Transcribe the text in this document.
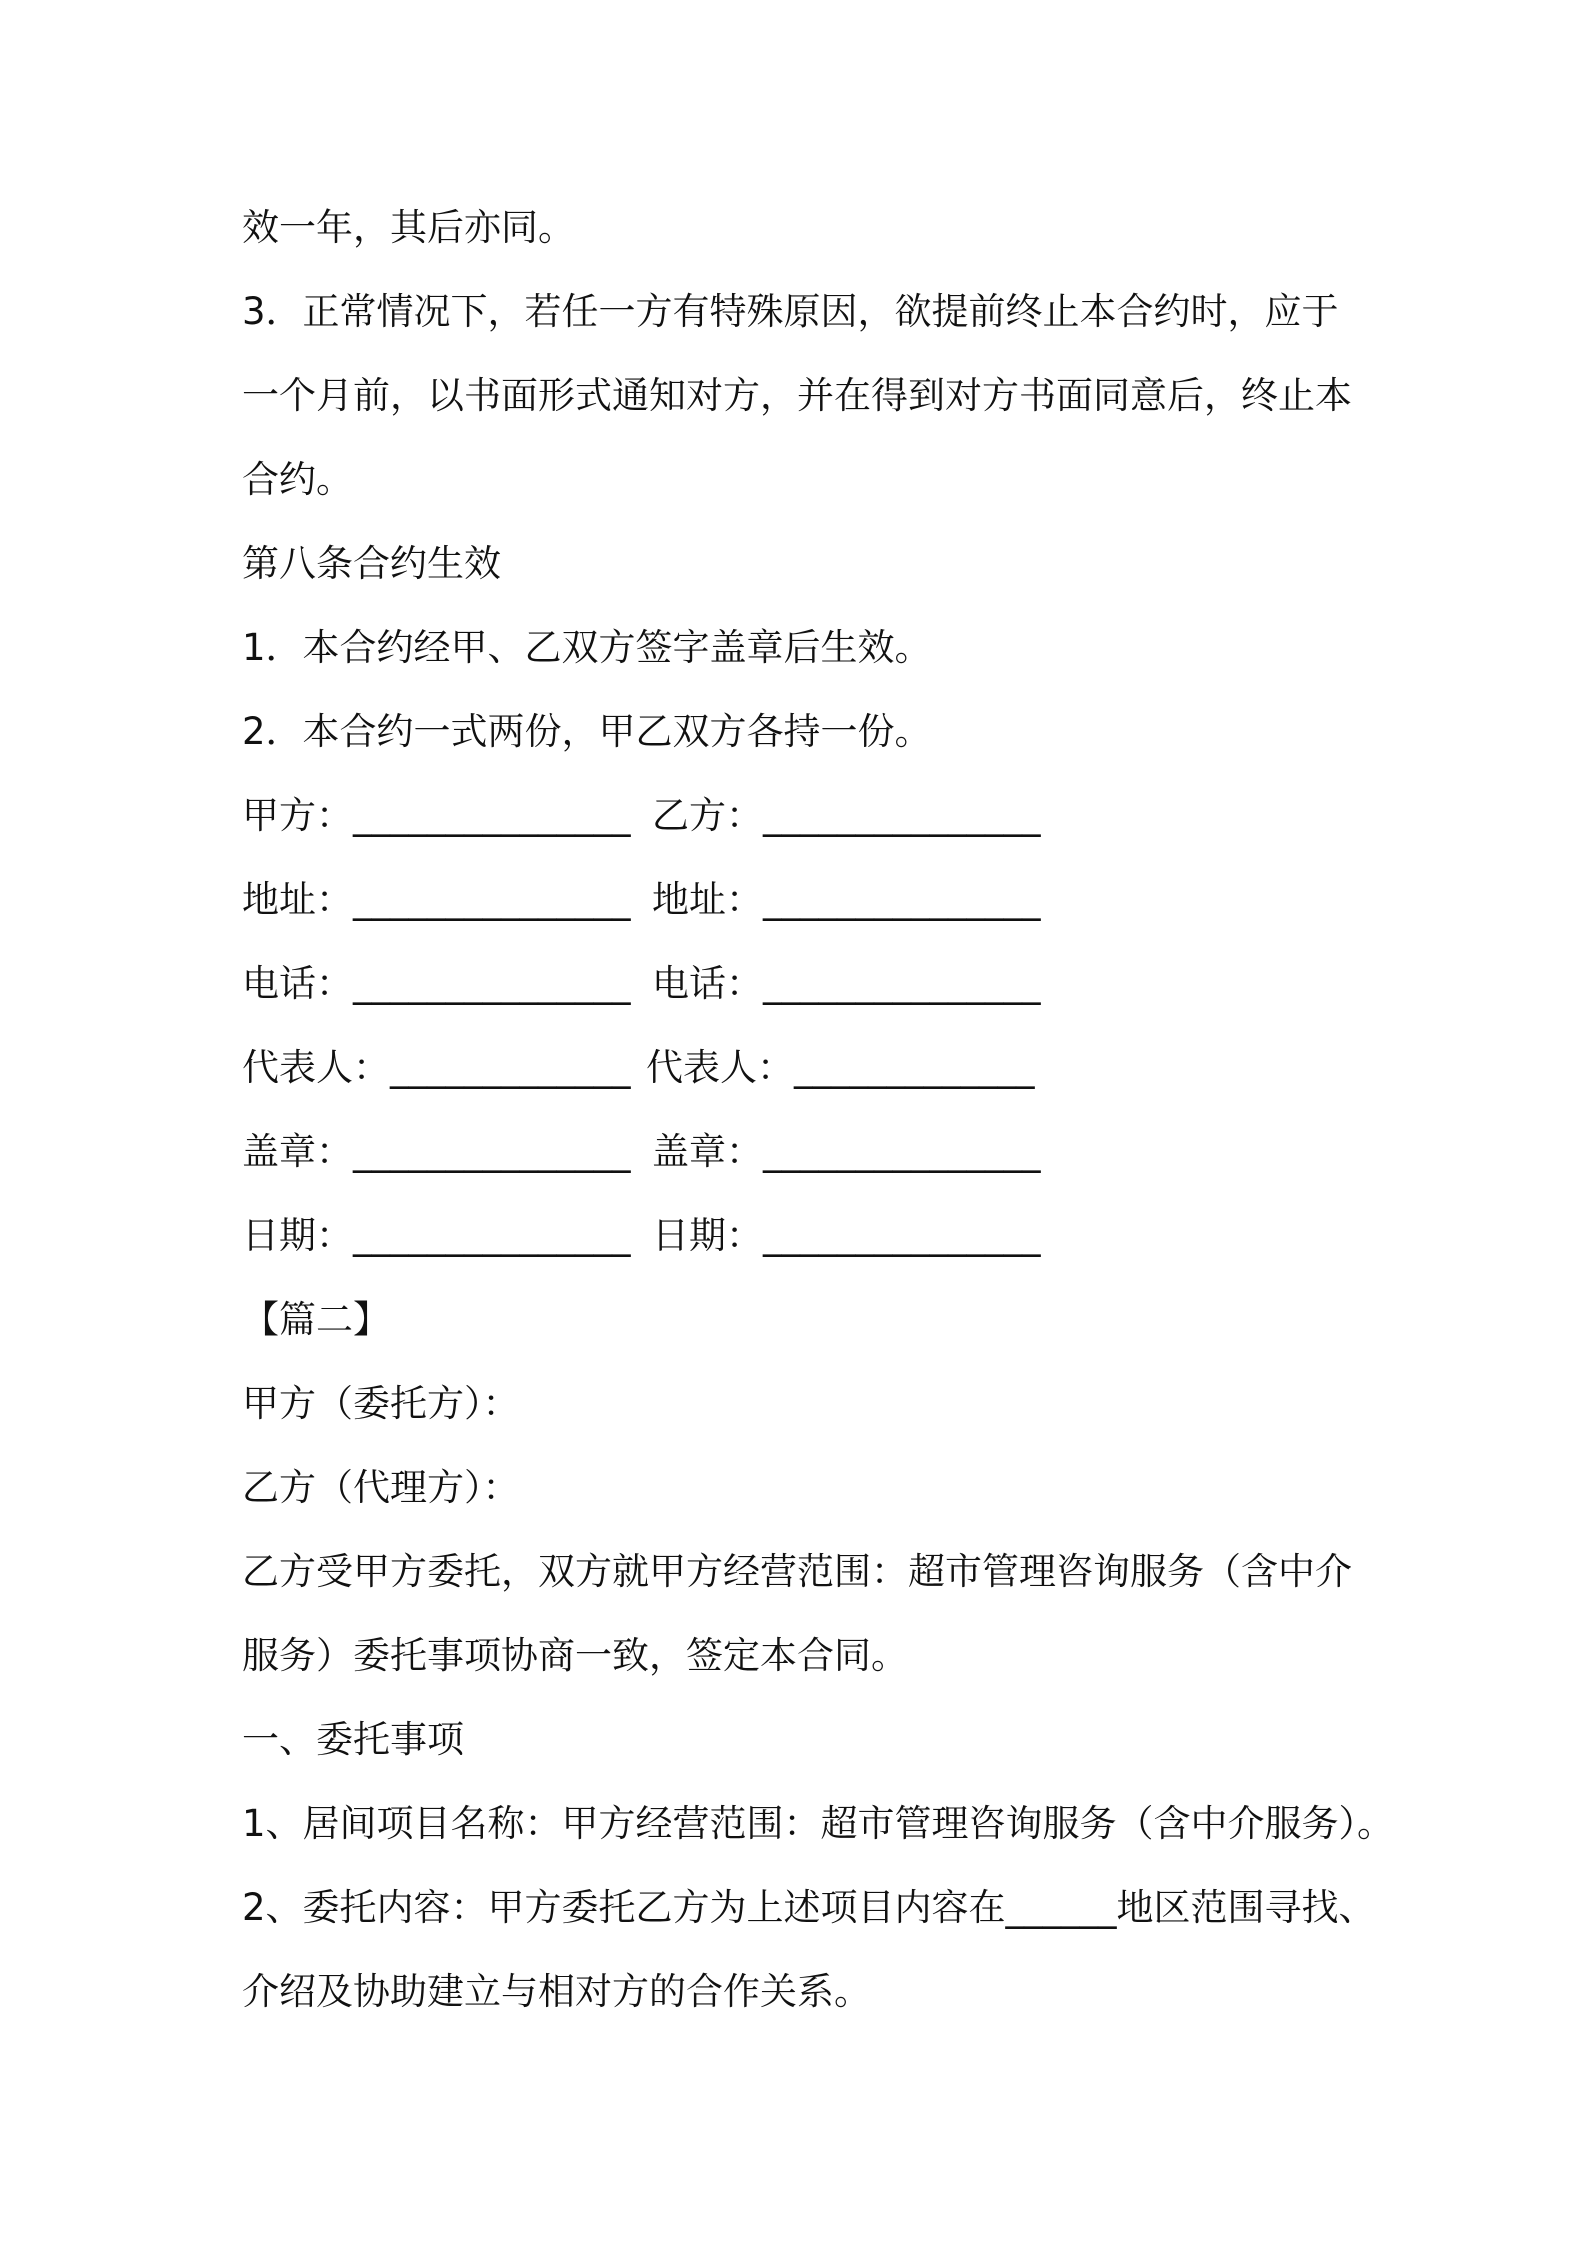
效一年，其后亦同。
3．正常情况下，若任一方有特殊原因，欲提前终止本合约时，应于
一个月前，以书面形式通知对方，并在得到对方书面同意后，终止本
合约。
第八条合约生效
1．本合约经甲、乙双方签字盖章后生效。
2．本合约一式两份，甲乙双方各持一份。
甲方：_______________ 乙方：_______________
地址：_______________ 地址：_______________
电话：_______________ 电话：_______________
代表人：_____________ 代表人：_____________
盖章：_______________ 盖章：_______________
日期：_______________ 日期：_______________
【篇二】
甲方（委托方）：
乙方（代理方）：
乙方受甲方委托，双方就甲方经营范围：超市管理咨询服务（含中介
服务）委托事项协商一致，签定本合同。
一、委托事项
1、居间项目名称：甲方经营范围：超市管理咨询服务（含中介服务）。
2、委托内容：甲方委托乙方为上述项目内容在______地区范围寻找、
介绍及协助建立与相对方的合作关系。
